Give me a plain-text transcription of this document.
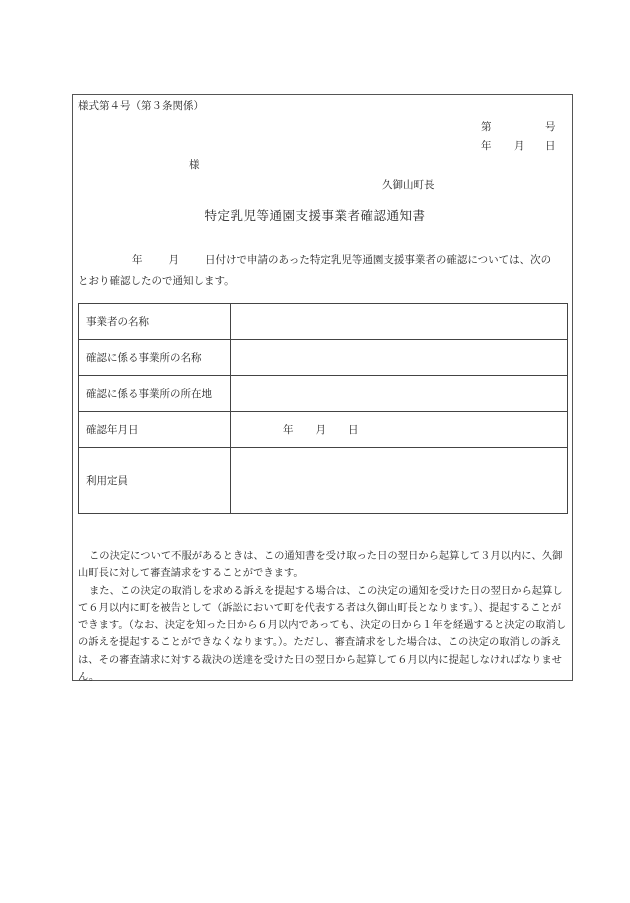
様式第４号（第３条関係）
第	号
年 月 日
様
久御山町長
特定乳児等通園支援事業者確認通知書
年 月 日付けで申請のあった特定乳児等通園支援事業者の確認については、次の
とおり確認したので通知します。
事業者の名称	
確認に係る事業所の名称	
確認に係る事業所の所在地	
確認年月日	年 月 日
利用定員	

この決定について不服があるときは、この通知書を受け取った日の翌日から起算して３月以内に、久御山町長に対して審査請求をすることができます。

また、この決定の取消しを求める訴えを提起する場合は、この決定の通知を受けた日の翌日から起算して６月以内に町を被告として（訴訟において町を代表する者は久御山町長となります。）、提起することができます。（なお、決定を知った日から６月以内であっても、決定の日から１年を経過すると決定の取消しの訴えを提起することができなくなります。）。ただし、審査請求をした場合は、この決定の取消しの訴えは、その審査請求に対する裁決の送達を受けた日の翌日から起算して６月以内に提起しなければなりません。
